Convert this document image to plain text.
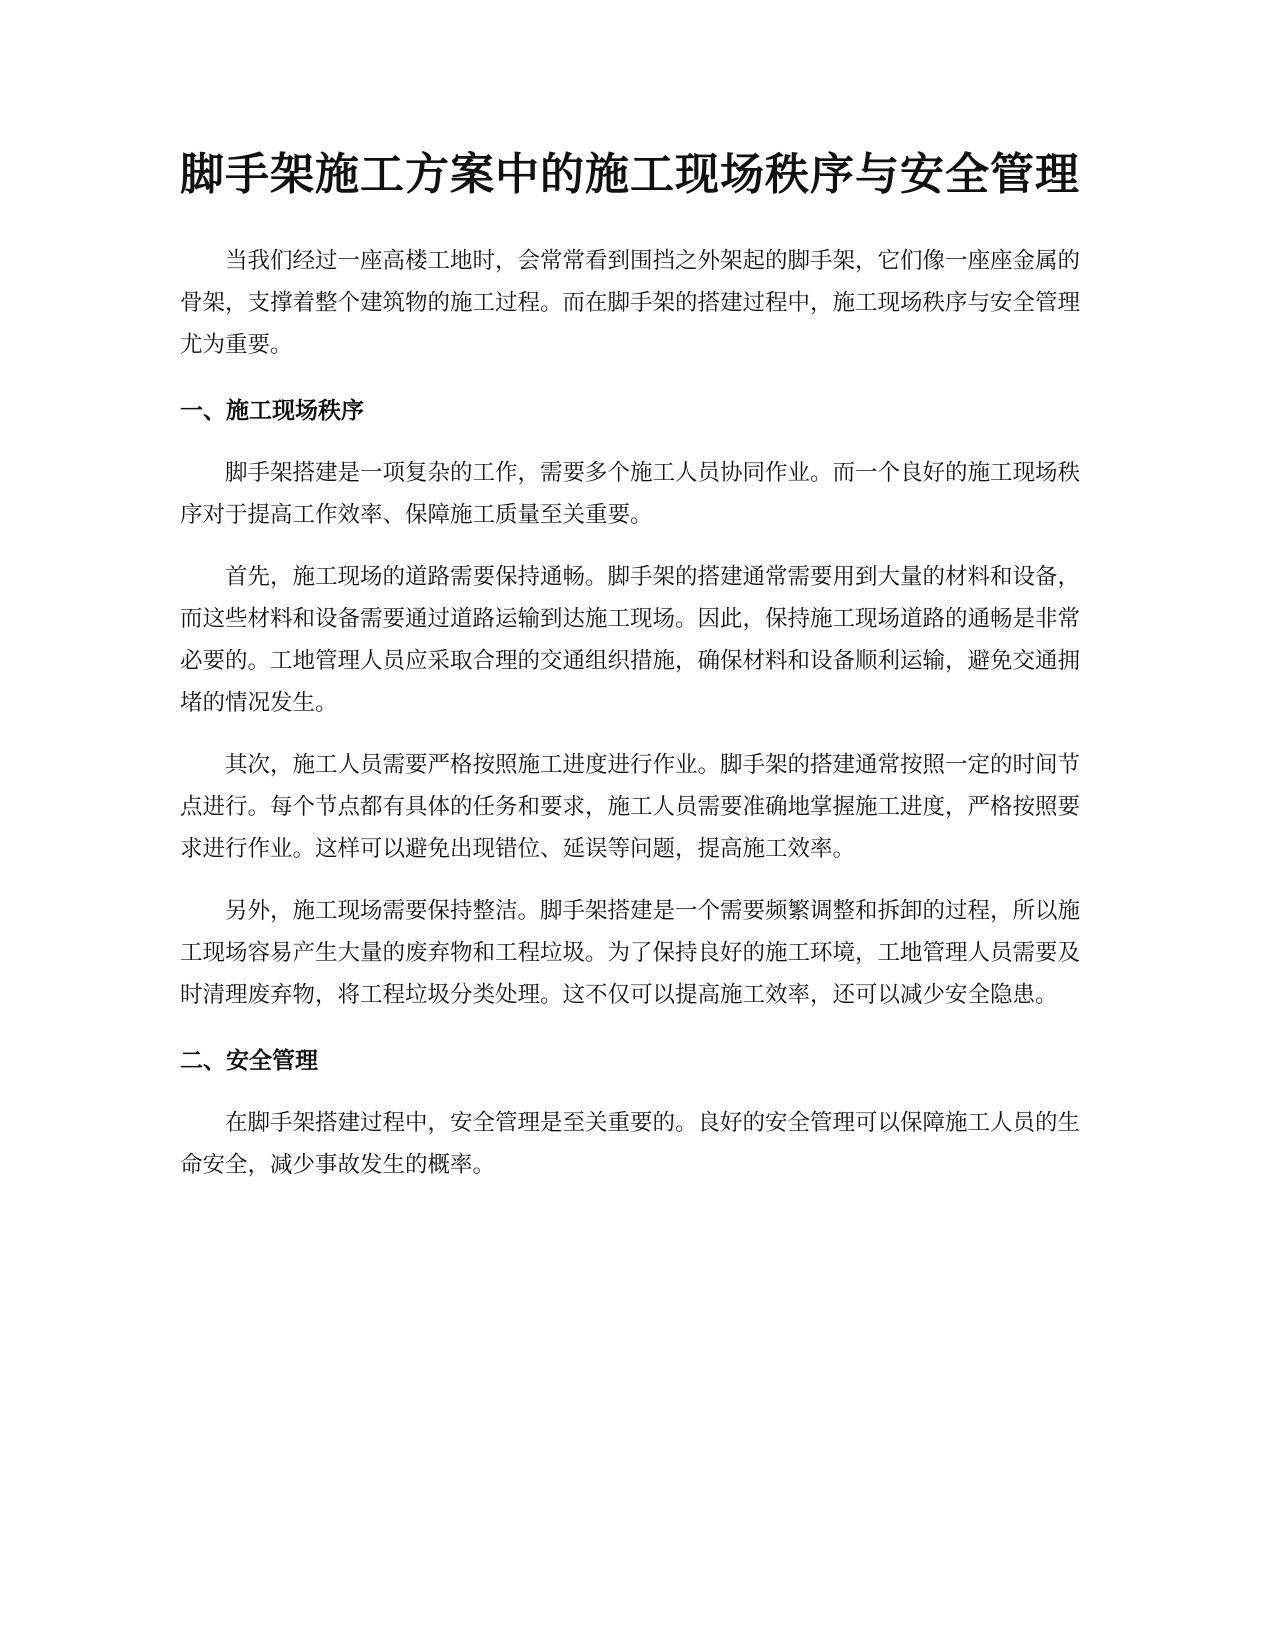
脚手架施工方案中的施工现场秩序与安全管理

当我们经过一座高楼工地时，会常常看到围挡之外架起的脚手架，它们像一座座金属的骨架，支撑着整个建筑物的施工过程。而在脚手架的搭建过程中，施工现场秩序与安全管理尤为重要。

一、施工现场秩序

脚手架搭建是一项复杂的工作，需要多个施工人员协同作业。而一个良好的施工现场秩序对于提高工作效率、保障施工质量至关重要。

首先，施工现场的道路需要保持通畅。脚手架的搭建通常需要用到大量的材料和设备，而这些材料和设备需要通过道路运输到达施工现场。因此，保持施工现场道路的通畅是非常必要的。工地管理人员应采取合理的交通组织措施，确保材料和设备顺利运输，避免交通拥堵的情况发生。

其次，施工人员需要严格按照施工进度进行作业。脚手架的搭建通常按照一定的时间节点进行。每个节点都有具体的任务和要求，施工人员需要准确地掌握施工进度，严格按照要求进行作业。这样可以避免出现错位、延误等问题，提高施工效率。

另外，施工现场需要保持整洁。脚手架搭建是一个需要频繁调整和拆卸的过程，所以施工现场容易产生大量的废弃物和工程垃圾。为了保持良好的施工环境，工地管理人员需要及时清理废弃物，将工程垃圾分类处理。这不仅可以提高施工效率，还可以减少安全隐患。

二、安全管理

在脚手架搭建过程中，安全管理是至关重要的。良好的安全管理可以保障施工人员的生命安全，减少事故发生的概率。
